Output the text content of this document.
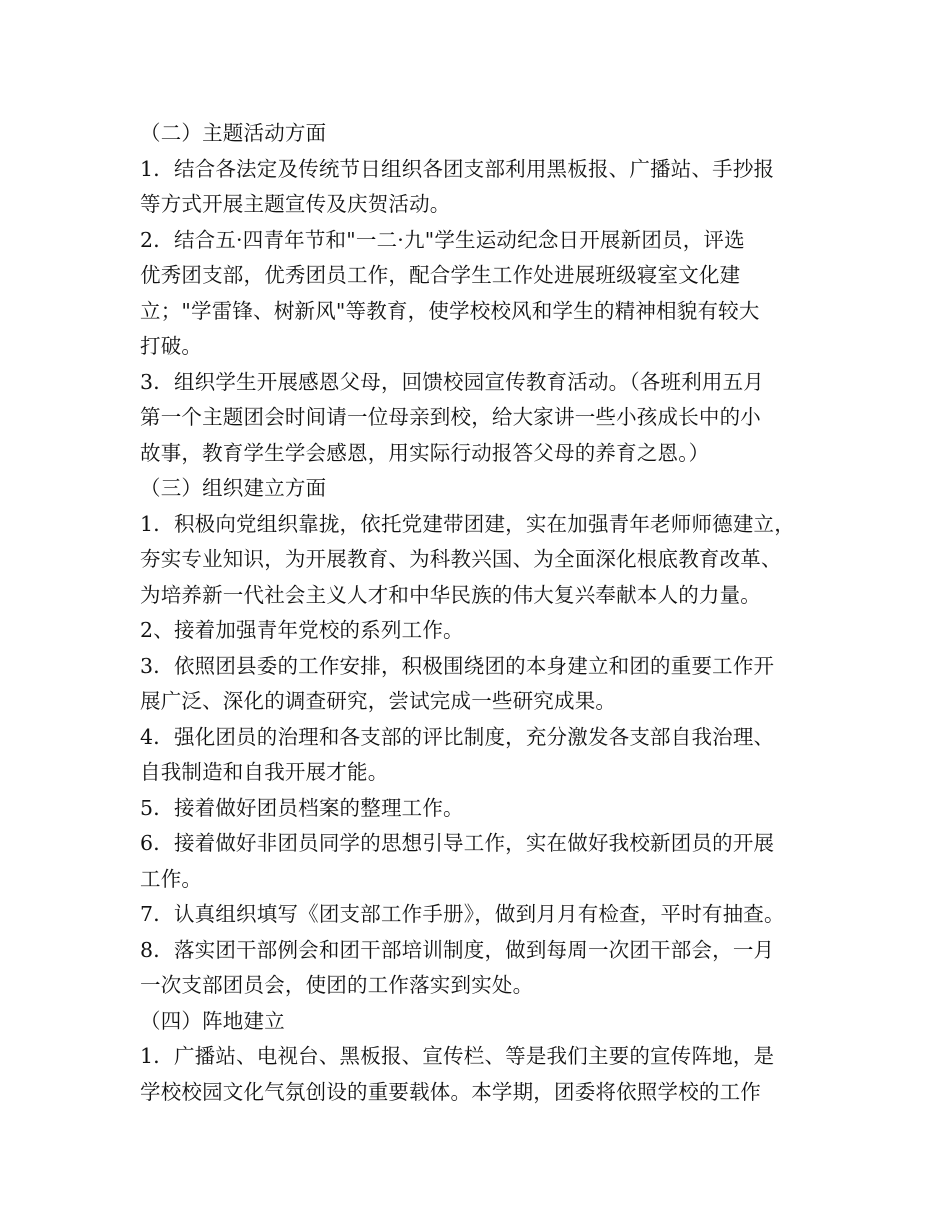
（二）主题活动方面
1．结合各法定及传统节日组织各团支部利用黑板报、广播站、手抄报
等方式开展主题宣传及庆贺活动。
2．结合五·四青年节和"一二·九"学生运动纪念日开展新团员，评选
优秀团支部，优秀团员工作，配合学生工作处进展班级寝室文化建
立；"学雷锋、树新风"等教育，使学校校风和学生的精神相貌有较大
打破。
3．组织学生开展感恩父母，回馈校园宣传教育活动。（各班利用五月
第一个主题团会时间请一位母亲到校，给大家讲一些小孩成长中的小
故事，教育学生学会感恩，用实际行动报答父母的养育之恩。）
（三）组织建立方面
1．积极向党组织靠拢，依托党建带团建，实在加强青年老师师德建立，
夯实专业知识，为开展教育、为科教兴国、为全面深化根底教育改革、
为培养新一代社会主义人才和中华民族的伟大复兴奉献本人的力量。
2、接着加强青年党校的系列工作。
3．依照团县委的工作安排，积极围绕团的本身建立和团的重要工作开
展广泛、深化的调查研究，尝试完成一些研究成果。
4．强化团员的治理和各支部的评比制度，充分激发各支部自我治理、
自我制造和自我开展才能。
5．接着做好团员档案的整理工作。
6．接着做好非团员同学的思想引导工作，实在做好我校新团员的开展
工作。
7．认真组织填写《团支部工作手册》，做到月月有检查，平时有抽查。
8．落实团干部例会和团干部培训制度，做到每周一次团干部会，一月
一次支部团员会，使团的工作落实到实处。
（四）阵地建立
1．广播站、电视台、黑板报、宣传栏、等是我们主要的宣传阵地，是
学校校园文化气氛创设的重要载体。本学期，团委将依照学校的工作
